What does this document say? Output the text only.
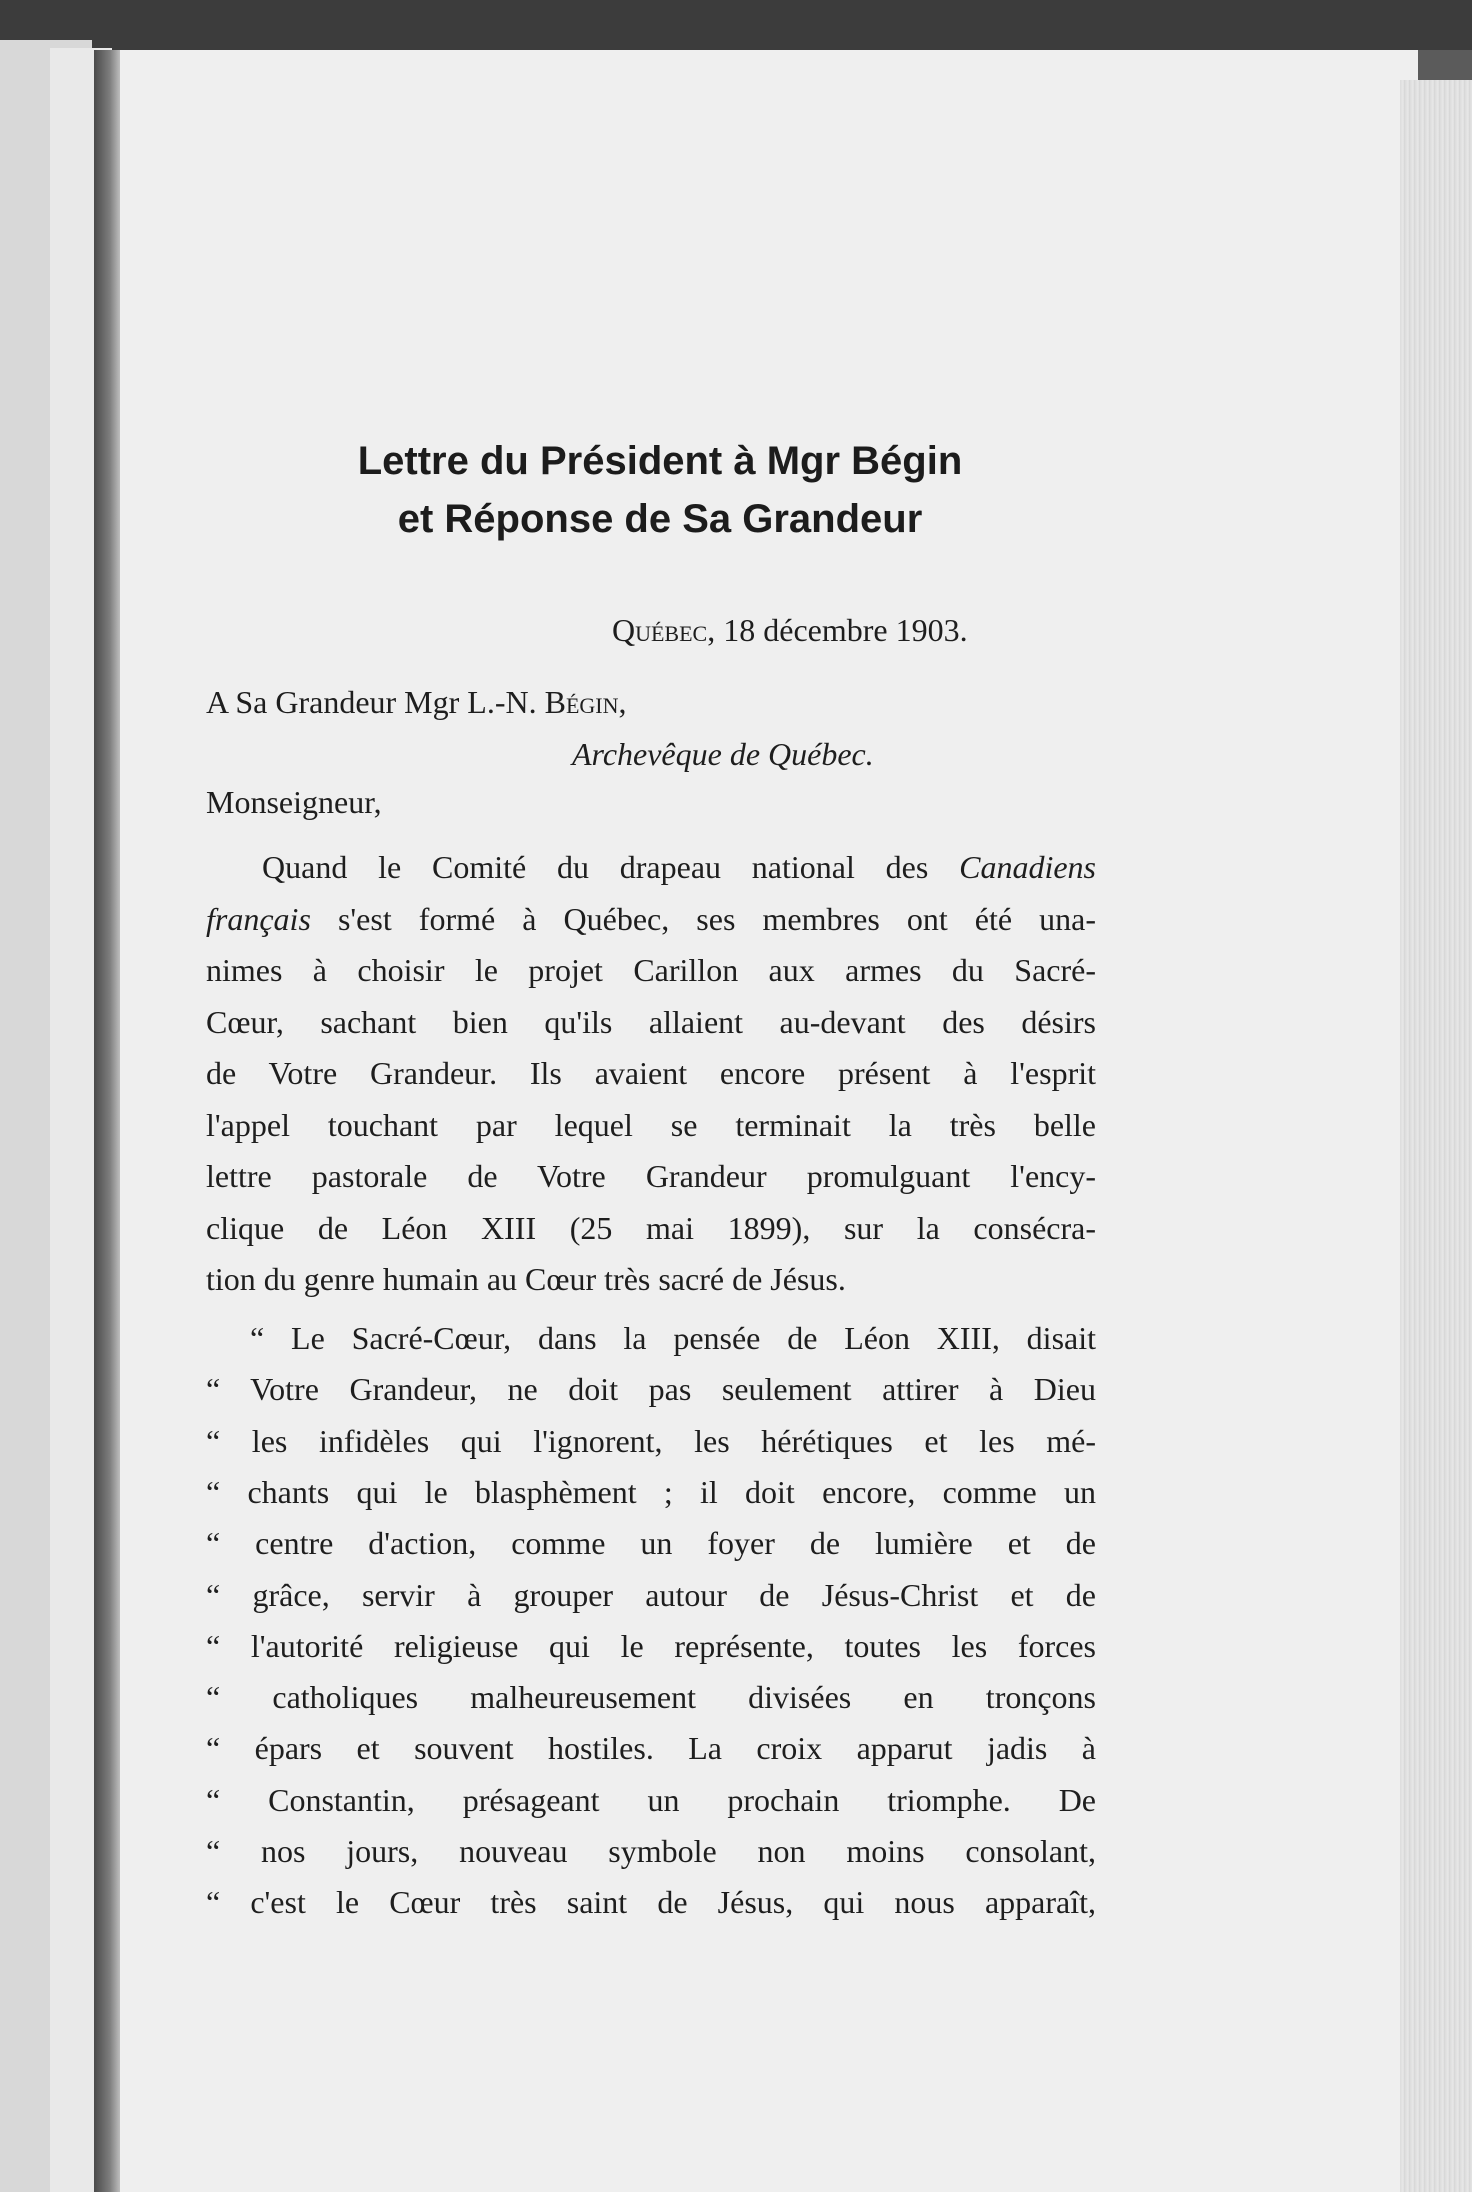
Lettre du Président à Mgr Bégin
et Réponse de Sa Grandeur
Québec, 18 décembre 1903.
A Sa Grandeur Mgr L.-N. Bégin,
Archevêque de Québec.
Monseigneur,
Quand le Comité du drapeau national des Canadiens
français s'est formé à Québec, ses membres ont été una-
nimes à choisir le projet Carillon aux armes du Sacré-
Cœur, sachant bien qu'ils allaient au-devant des désirs
de Votre Grandeur. Ils avaient encore présent à l'esprit
l'appel touchant par lequel se terminait la très belle
lettre pastorale de Votre Grandeur promulguant l'ency-
clique de Léon XIII (25 mai 1899), sur la consécra-
tion du genre humain au Cœur très sacré de Jésus.
“ Le Sacré-Cœur, dans la pensée de Léon XIII, disait
“ Votre Grandeur, ne doit pas seulement attirer à Dieu
“ les infidèles qui l'ignorent, les hérétiques et les mé-
“ chants qui le blasphèment ; il doit encore, comme un
“ centre d'action, comme un foyer de lumière et de
“ grâce, servir à grouper autour de Jésus-Christ et de
“ l'autorité religieuse qui le représente, toutes les forces
“ catholiques malheureusement divisées en tronçons
“ épars et souvent hostiles. La croix apparut jadis à
“ Constantin, présageant un prochain triomphe. De
“ nos jours, nouveau symbole non moins consolant,
“ c'est le Cœur très saint de Jésus, qui nous apparaît,
